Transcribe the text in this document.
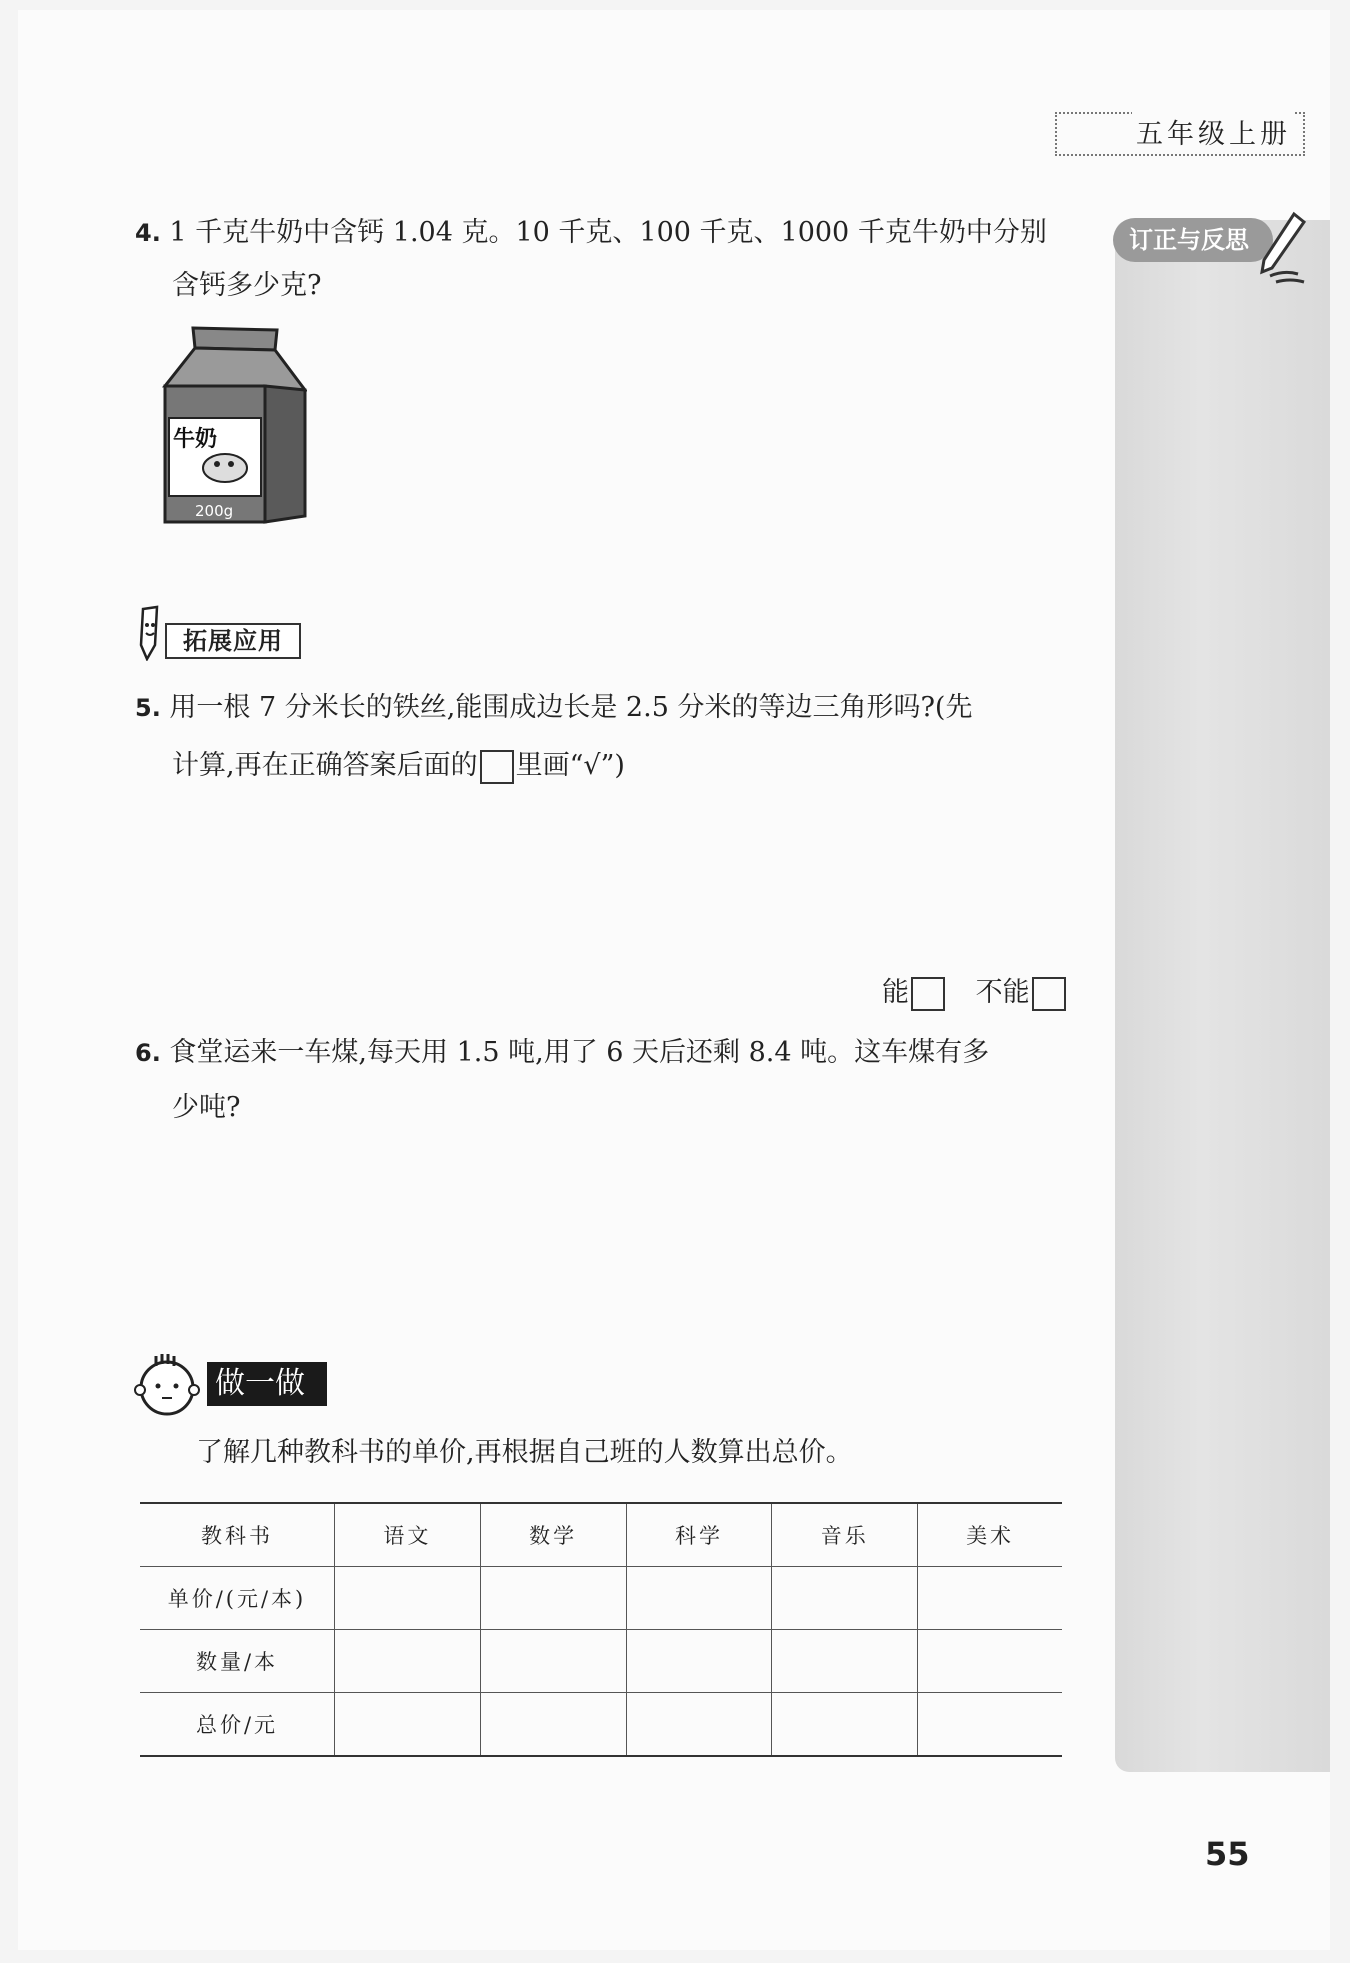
五年级上册
订正与反思
4. 1 千克牛奶中含钙 1.04 克。10 千克、100 千克、1000 千克牛奶中分别
含钙多少克?
牛奶
200g
拓展应用
5. 用一根 7 分米长的铁丝,能围成边长是 2.5 分米的等边三角形吗?(先
计算,再在正确答案后面的 里画“√”)
能 不能
6. 食堂运来一车煤,每天用 1.5 吨,用了 6 天后还剩 8.4 吨。这车煤有多
少吨?
做一做
了解几种教科书的单价,再根据自己班的人数算出总价。
教科书	语文	数学	科学	音乐	美术
单价/(元/本)					
数量/本					
总价/元					
55
